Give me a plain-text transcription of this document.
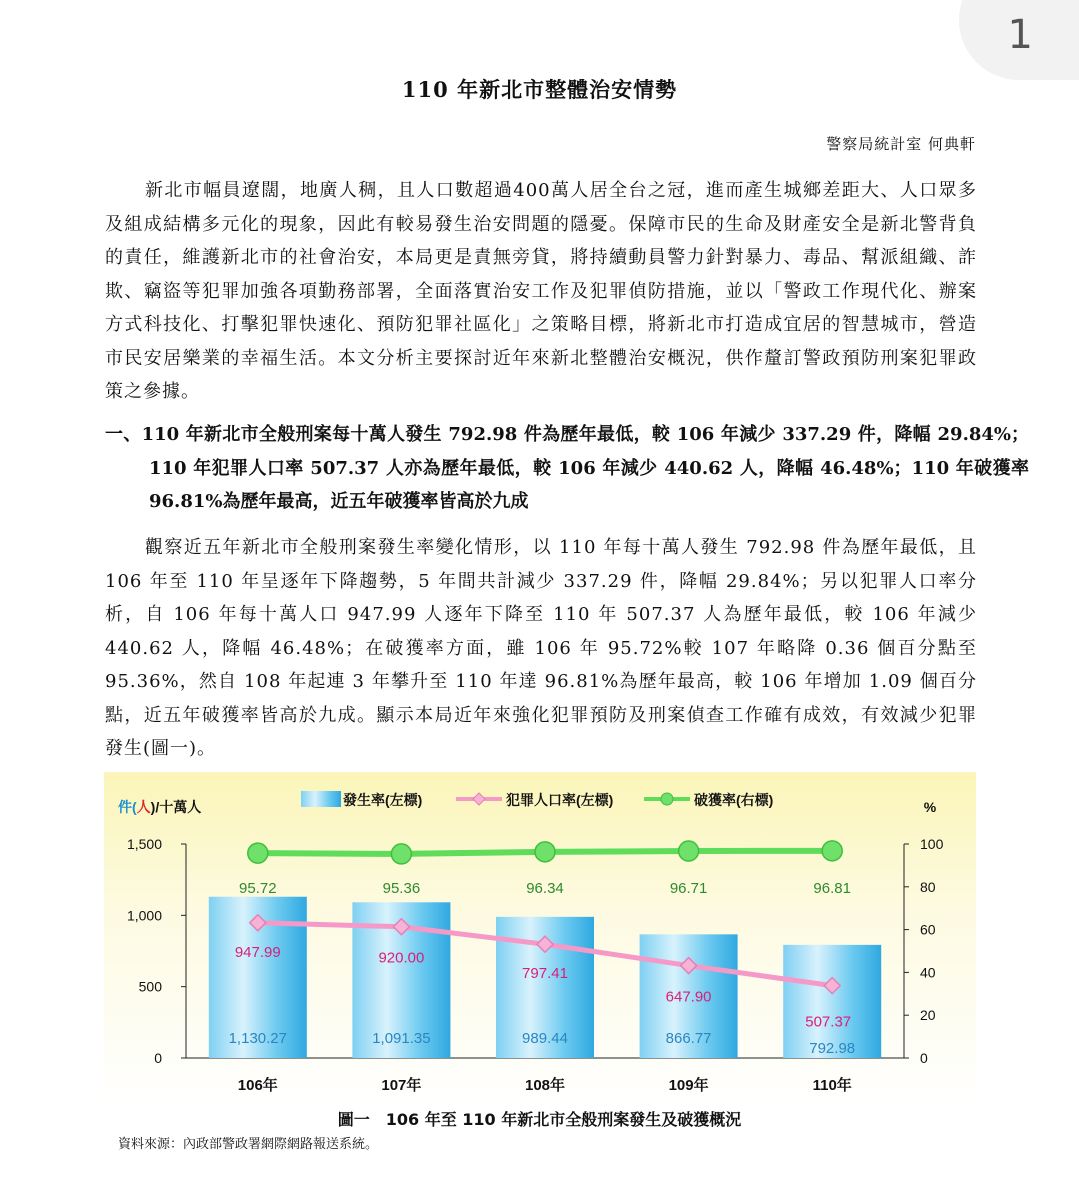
1
110 年新北市整體治安情勢
警察局統計室 何典軒

新北市幅員遼闊，地廣人稠，且人口數超過400萬人居全台之冠，進而產生城鄉差距大、人口眾多及組成結構多元化的現象，因此有較易發生治安問題的隱憂。保障市民的生命及財產安全是新北警背負的責任，維護新北市的社會治安，本局更是責無旁貸，將持續動員警力針對暴力、毒品、幫派組織、詐欺、竊盜等犯罪加強各項勤務部署，全面落實治安工作及犯罪偵防措施，並以「警政工作現代化、辦案方式科技化、打擊犯罪快速化、預防犯罪社區化」之策略目標，將新北市打造成宜居的智慧城市，營造市民安居樂業的幸福生活。本文分析主要探討近年來新北整體治安概況，供作釐訂警政預防刑案犯罪政策之參據。

一、110 年新北市全般刑案每十萬人發生 792.98 件為歷年最低，較 106 年減少 337.29 件，降幅 29.84%；110 年犯罪人口率 507.37 人亦為歷年最低，較 106 年減少 440.62 人，降幅 46.48%；110 年破獲率 96.81%為歷年最高，近五年破獲率皆高於九成

觀察近五年新北市全般刑案發生率變化情形，以 110 年每十萬人發生 792.98 件為歷年最低，且 106 年至 110 年呈逐年下降趨勢，5 年間共計減少 337.29 件，降幅 29.84%；另以犯罪人口率分析，自 106 年每十萬人口 947.99 人逐年下降至 110 年 507.37 人為歷年最低，較 106 年減少 440.62 人，降幅 46.48%；在破獲率方面，雖 106 年 95.72%較 107 年略降 0.36 個百分點至 95.36%，然自 108 年起連 3 年攀升至 110 年達 96.81%為歷年最高，較 106 年增加 1.09 個百分點，近五年破獲率皆高於九成。顯示本局近年來強化犯罪預防及刑案偵查工作確有成效，有效減少犯罪發生(圖一)。

0
500
1,000
1,500
0
20
40
60
80
100
件(人)/十萬人	%
106年	107年	108年	109年	110年
1,130.27	1,091.35	989.44	866.77
792.98
947.99	920.00
797.41
647.90
507.37
95.72	95.36	96.34	96.71	96.81
發生率(左標)	犯罪人口率(左標)	破獲率(右標)
圖一　106 年至 110 年新北市全般刑案發生及破獲概況
資料來源：內政部警政署網際網路報送系統。
